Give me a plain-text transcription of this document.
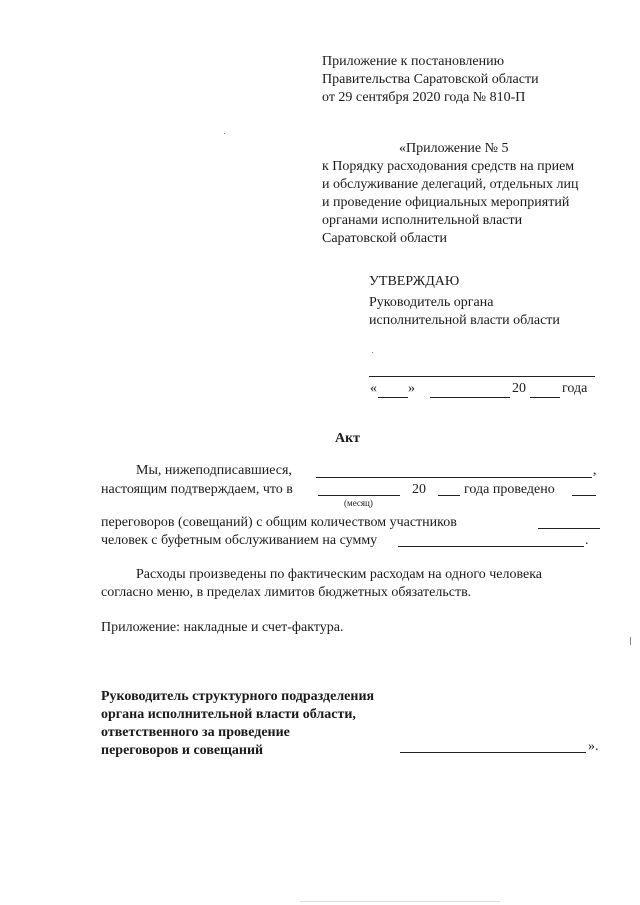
Приложение к постановлению
Правительства Саратовской области
от 29 сентября 2020 года № 810-П
«Приложение № 5
к Порядку расходования средств на прием
и обслуживание делегаций, отдельных лиц
и проведение официальных мероприятий
органами исполнительной власти
Саратовской области
УТВЕРЖДАЮ
Руководитель органа
исполнительной власти области
« »	20	года
Акт
Мы, нижеподписавшиеся,	,
настоящим подтверждаем, что в
(месяц)
20	года проведено
переговоров (совещаний) с общим количеством участников
человек с буфетным обслуживанием на сумму	.
Расходы произведены по фактическим расходам на одного человека
согласно меню, в пределах лимитов бюджетных обязательств.
Приложение: накладные и счет-фактура.
Руководитель структурного подразделения
органа исполнительной власти области,
ответственного за проведение
переговоров и совещаний	».
